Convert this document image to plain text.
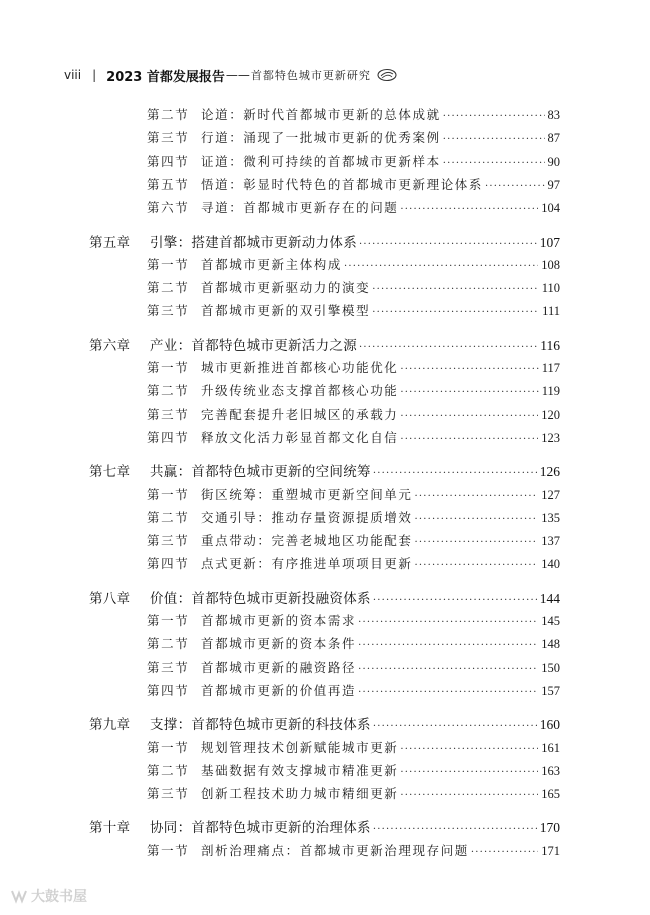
viii | 2023 首都发展报告 —— 首都特色城市更新研究
第二节 论道：新时代首都城市更新的总体成就 ·····	83
第三节 行道：涌现了一批城市更新的优秀案例 ·····	87
第四节 证道：微利可持续的首都城市更新样本 ·····	90
第五节 悟道：彰显时代特色的首都城市更新理论体系 ·····	97
第六节 寻道：首都城市更新存在的问题 ·····	104
第五章	引擎：搭建首都城市更新动力体系 ·····	107
第一节 首都城市更新主体构成 ·····	108
第二节 首都城市更新驱动力的演变 ·····	110
第三节 首都城市更新的双引擎模型 ·····	111
第六章	产业：首都特色城市更新活力之源 ·····	116
第一节 城市更新推进首都核心功能优化 ·····	117
第二节 升级传统业态支撑首都核心功能 ·····	119
第三节 完善配套提升老旧城区的承载力 ·····	120
第四节 释放文化活力彰显首都文化自信 ·····	123
第七章	共赢：首都特色城市更新的空间统筹 ·····	126
第一节 街区统筹：重塑城市更新空间单元 ·····	127
第二节 交通引导：推动存量资源提质增效 ·····	135
第三节 重点带动：完善老城地区功能配套 ·····	137
第四节 点式更新：有序推进单项项目更新 ·····	140
第八章	价值：首都特色城市更新投融资体系 ·····	144
第一节 首都城市更新的资本需求 ·····	145
第二节 首都城市更新的资本条件 ·····	148
第三节 首都城市更新的融资路径 ·····	150
第四节 首都城市更新的价值再造 ·····	157
第九章	支撑：首都特色城市更新的科技体系 ·····	160
第一节 规划管理技术创新赋能城市更新 ·····	161
第二节 基础数据有效支撑城市精准更新 ·····	163
第三节 创新工程技术助力城市精细更新 ·····	165
第十章	协同：首都特色城市更新的治理体系 ·····	170
第一节 剖析治理痛点：首都城市更新治理现存问题 ·····	171
大鼓书屋
